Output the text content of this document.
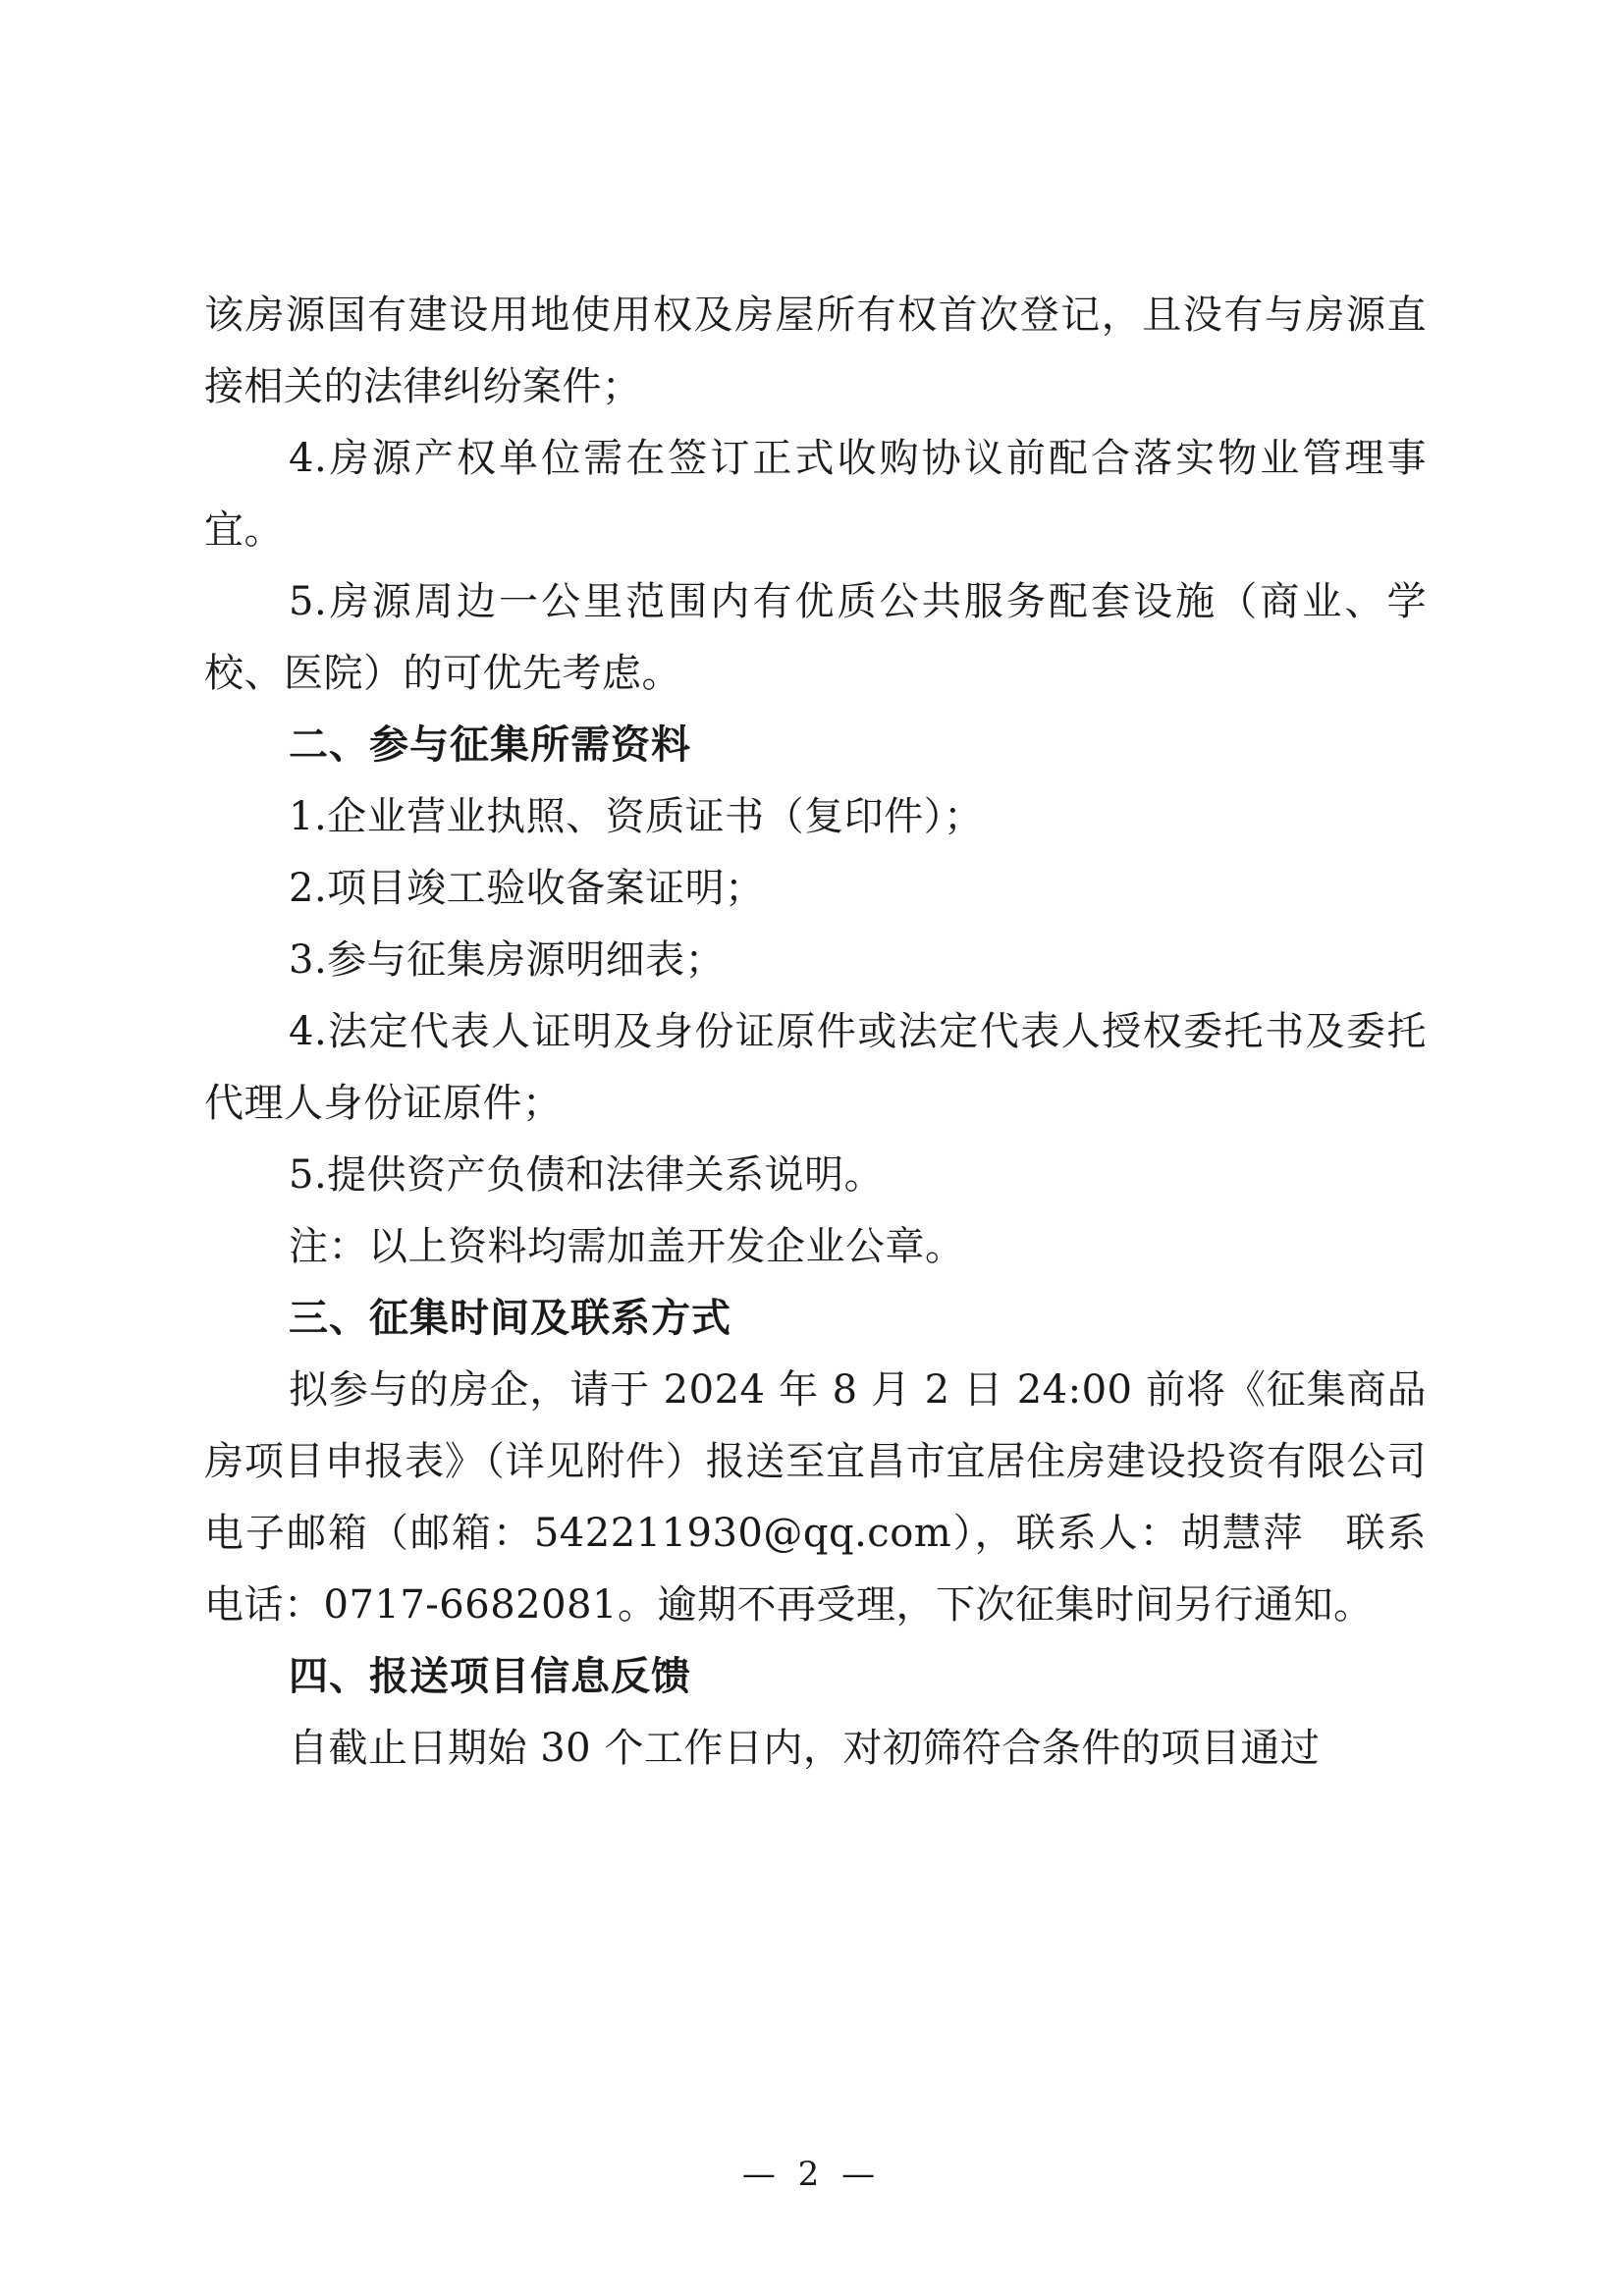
该房源国有建设用地使用权及房屋所有权首次登记，且没有与房源直接相关的法律纠纷案件；

4.房源产权单位需在签订正式收购协议前配合落实物业管理事宜。

5.房源周边一公里范围内有优质公共服务配套设施（商业、学校、医院）的可优先考虑。

二、参与征集所需资料

1.企业营业执照、资质证书（复印件）；

2.项目竣工验收备案证明；

3.参与征集房源明细表；

4.法定代表人证明及身份证原件或法定代表人授权委托书及委托代理人身份证原件；

5.提供资产负债和法律关系说明。

注：以上资料均需加盖开发企业公章。

三、征集时间及联系方式

拟参与的房企，请于 2024 年 8 月 2 日 24:00 前将《征集商品房项目申报表》（详见附件）报送至宜昌市宜居住房建设投资有限公司电子邮箱（邮箱：542211930@qq.com），联系人：胡慧萍　联系电话：0717-6682081。逾期不再受理，下次征集时间另行通知。

四、报送项目信息反馈

自截止日期始 30 个工作日内，对初筛符合条件的项目通过

— 2 —
